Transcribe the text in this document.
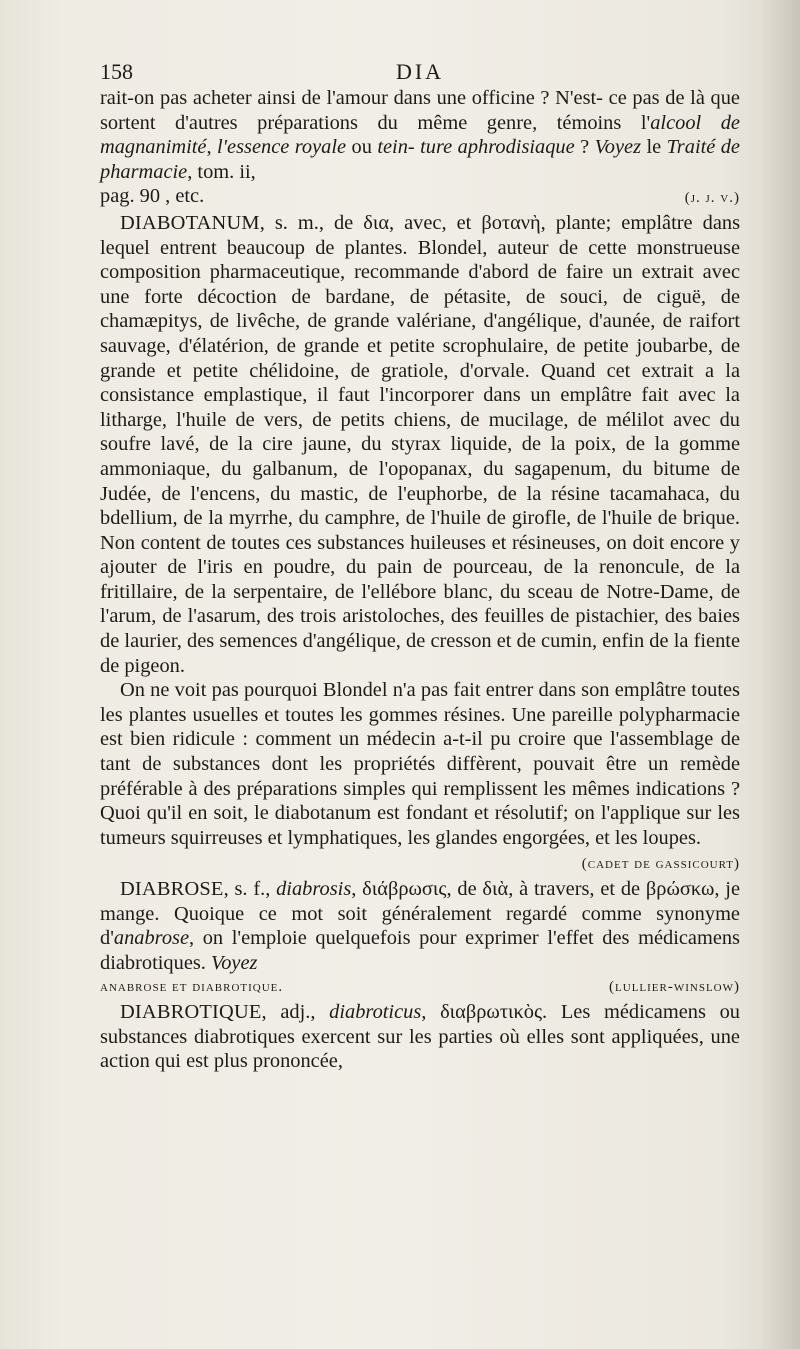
158	DIA

rait-on pas acheter ainsi de l'amour dans une officine ? N'est- ce pas de là que sortent d'autres préparations du même genre, témoins l'alcool de magnanimité, l'essence royale ou tein- ture aphrodisiaque ? Voyez le Traité de pharmacie, tom. ii,

pag. 90 , etc.	(j. j. v.)

DIABOTANUM, s. m., de δια, avec, et βοτανὴ, plante; emplâtre dans lequel entrent beaucoup de plantes. Blondel, auteur de cette monstrueuse composition pharmaceutique, recommande d'abord de faire un extrait avec une forte décoction de bardane, de pétasite, de souci, de ciguë, de chamæpitys, de livêche, de grande valériane, d'angélique, d'aunée, de raifort sauvage, d'élatérion, de grande et petite scrophulaire, de petite joubarbe, de grande et petite chélidoine, de gratiole, d'orvale. Quand cet extrait a la consistance emplastique, il faut l'incorporer dans un emplâtre fait avec la litharge, l'huile de vers, de petits chiens, de mucilage, de mélilot avec du soufre lavé, de la cire jaune, du styrax liquide, de la poix, de la gomme ammoniaque, du galbanum, de l'opopanax, du sagapenum, du bitume de Judée, de l'encens, du mastic, de l'euphorbe, de la résine tacamahaca, du bdellium, de la myrrhe, du camphre, de l'huile de girofle, de l'huile de brique. Non content de toutes ces substances huileuses et résineuses, on doit encore y ajouter de l'iris en poudre, du pain de pourceau, de la renoncule, de la fritillaire, de la serpentaire, de l'ellébore blanc, du sceau de Notre-Dame, de l'arum, de l'asarum, des trois aristoloches, des feuilles de pistachier, des baies de laurier, des semences d'angélique, de cresson et de cumin, enfin de la fiente de pigeon.

On ne voit pas pourquoi Blondel n'a pas fait entrer dans son emplâtre toutes les plantes usuelles et toutes les gommes résines. Une pareille polypharmacie est bien ridicule : comment un médecin a-t-il pu croire que l'assemblage de tant de substances dont les propriétés diffèrent, pouvait être un remède préférable à des préparations simples qui remplissent les mêmes indications ? Quoi qu'il en soit, le diabotanum est fondant et résolutif; on l'applique sur les tumeurs squirreuses et lymphatiques, les glandes engorgées, et les loupes.

(cadet de gassicourt)

DIABROSE, s. f., diabrosis, διάβρωσις, de διὰ, à travers, et de βρώσκω, je mange. Quoique ce mot soit généralement regardé comme synonyme d'anabrose, on l'emploie quelquefois pour exprimer l'effet des médicamens diabrotiques. Voyez

anabrose et diabrotique.	(lullier-winslow)

DIABROTIQUE, adj., diabroticus, διαβρωτικὸς. Les médicamens ou substances diabrotiques exercent sur les parties où elles sont appliquées, une action qui est plus prononcée,
